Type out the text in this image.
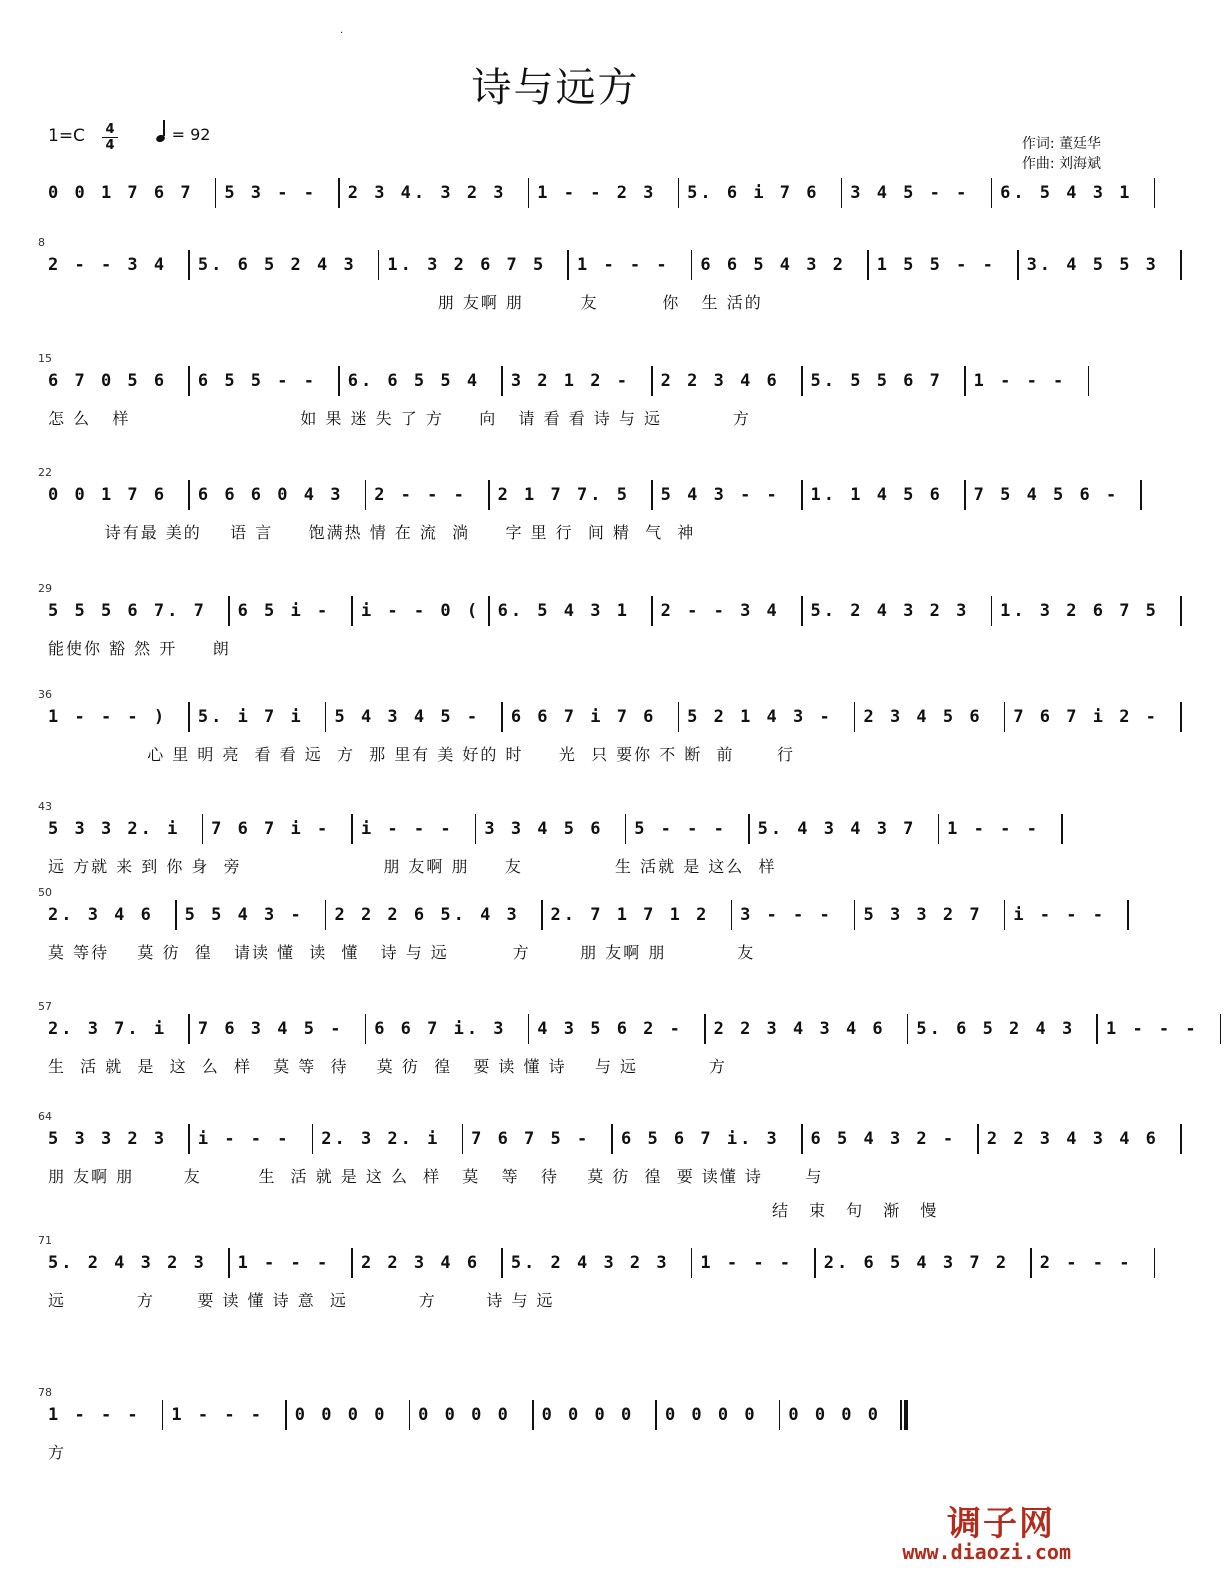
·
诗与远方
1=C 4
4
= 92	作词: 董廷华
作曲: 刘海斌
0 0 1 7 6 7 5 3 - - 2 3 4. 3 2 3 1 - - 2 3 5. 6 i 7 6 3 4 5 - - 6. 5 4 3 1
8
2 - - 3 4 5. 6 5 2 4 3 1. 3 2 6 7 5 1 - - - 6 6 5 4 3 2 1 5 5 - - 3. 4 5 5 3
朋 友啊 朋        友         你   生 活的
15
6 7 0 5 6 6 5 5 - - 6. 6 5 5 4 3 2 1 2 - 2 2 3 4 6 5. 5 5 6 7 1 - - -
怎 么   样                        如 果 迷 失 了 方     向   请 看 看 诗 与 远          方
22
0 0 1 7 6 6 6 6 0 4 3 2 - - - 2 1 7 7. 5 5 4 3 - - 1. 1 4 5 6 7 5 4 5 6 -
诗有最 美的    语 言     饱满热 情 在 流  淌     字 里 行  间 精  气  神
29
5 5 5 6 7. 7 6 5 i - i - - 0 ( 6. 5 4 3 1 2 - - 3 4 5. 2 4 3 2 3 1. 3 2 6 7 5
能使你 豁 然 开     朗
36
1 - - - ) 5. i 7 i 5 4 3 4 5 - 6 6 7 i 7 6 5 2 1 4 3 - 2 3 4 5 6 7 6 7 i 2 -
心 里 明 亮  看 看 远  方  那 里有 美 好的 时     光  只 要你 不 断  前      行
43
5 3 3 2. i 7 6 7 i - i - - - 3 3 4 5 6 5 - - - 5. 4 3 4 3 7 1 - - -
远 方就 来 到 你 身  旁                    朋 友啊 朋     友             生 活就 是 这么  样
50
2. 3 4 6 5 5 4 3 - 2 2 2 6 5. 4 3 2. 7 1 7 1 2 3 - - - 5 3 3 2 7 i - - -
莫 等待    莫 彷  徨   请读 懂  读  懂   诗 与 远         方       朋 友啊 朋          友
57
2. 3 7. i 7 6 3 4 5 - 6 6 7 i. 3 4 3 5 6 2 - 2 2 3 4 3 4 6 5. 6 5 2 4 3 1 - - -
生  活 就  是  这  么  样   莫 等  待    莫 彷  徨   要 读 懂 诗    与 远          方
64
5 3 3 2 3 i - - - 2. 3 2. i 7 6 7 5 - 6 5 6 7 i. 3 6 5 4 3 2 - 2 2 3 4 3 4 6
朋 友啊 朋       友        生  活 就 是 这 么  样   莫   等   待    莫 彷  徨  要 读懂 诗      与
71
结 束 句 渐 慢
5. 2 4 3 2 3 1 - - - 2 2 3 4 6 5. 2 4 3 2 3 1 - - - 2. 6 5 4 3 7 2 2 - - -
远          方      要 读 懂 诗 意  远          方       诗 与 远
78
1 - - - 1 - - - 0 0 0 0 0 0 0 0 0 0 0 0 0 0 0 0 0 0 0 0
方
调子网
www.diaozi.com
